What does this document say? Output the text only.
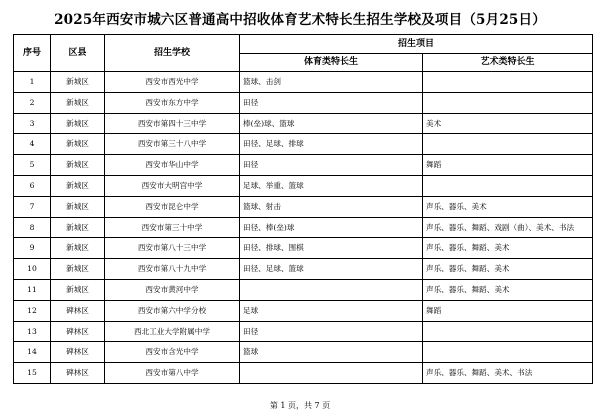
2025年西安市城六区普通高中招收体育艺术特长生招生学校及项目（5月25日）
序号	区县	招生学校	招生项目	
			体育类特长生	艺术类特长生
1	新城区	西安市西光中学	篮球、击剑	
2	新城区	西安市东方中学	田径	
3	新城区	西安市第四十三中学	棒(垒)球、篮球	美术
4	新城区	西安市第三十八中学	田径、足球、排球	
5	新城区	西安市华山中学	田径	舞蹈
6	新城区	西安市大明宫中学	足球、举重、篮球	
7	新城区	西安市昆仑中学	篮球、射击	声乐、器乐、美术
8	新城区	西安市第三十中学	田径、棒(垒)球	声乐、器乐、舞蹈、戏剧（曲）、美术、书法
9	新城区	西安市第八十三中学	田径、排球、围棋	声乐、器乐、舞蹈、美术
10	新城区	西安市第八十九中学	田径、足球、篮球	声乐、器乐、舞蹈、美术
11	新城区	西安市黄河中学		声乐、器乐、舞蹈、美术
12	碑林区	西安市第六中学分校	足球	舞蹈
13	碑林区	西北工业大学附属中学	田径	
14	碑林区	西安市含光中学	篮球	
15	碑林区	西安市第八中学		声乐、器乐、舞蹈、美术、书法
第 1 页，共 7 页
